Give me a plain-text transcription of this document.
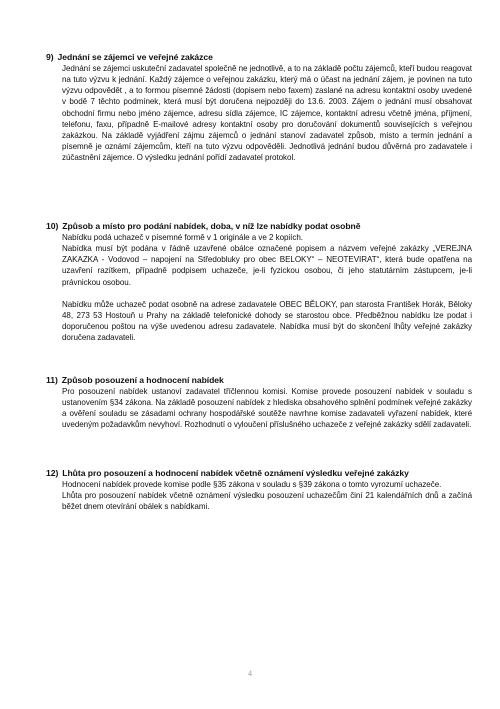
9) Jednání se zájemci ve veřejné zakázce

Jednání se zájemci uskuteční zadavatel společně ne jednotlivě, a to na základě počtu zájemců, kteří budou reagovat na tuto výzvu k jednání. Každý zájemce o veřejnou zakázku, který má o účast na jednání zájem, je povinen na tuto výzvu odpovědět , a to formou písemné žádosti (dopisem nebo faxem) zaslané na adresu kontaktní osoby uvedené v bodě 7 těchto podmínek, která musí být doručena nejpozději do 13.6. 2003. Zájem o jednání musí obsahovat obchodní firmu nebo jméno zájemce, adresu sídla zájemce, IC zájemce, kontaktní adresu včetně jména, příjmení, telefonu, faxu, případně E-mailové adresy kontaktní osoby pro doručování dokumentů souvisejících s veřejnou zakázkou. Na základě vyjádření zájmu zájemců o jednání stanoví zadavatel způsob, místo a termín jednání a písemně je oznámí zájemcům, kteří na tuto výzvu odpověděli. Jednotlivá jednání budou důvěrná pro zadavatele i zúčastnění zájemce. O výsledku jednání pořídí zadavatel protokol.

10) Způsob a místo pro podání nabídek, doba, v níž lze nabídky podat osobně

Nabídku podá uchazeč v písemné formě v 1 originále a ve 2 kopiích.

Nabídka musí být podána v řádně uzavřené obálce označené popisem a názvem veřejné zakázky „VEREJNA ZAKAZKA - Vodovod – napojení na Středobluky pro obec BELOKY“ – NEOTEVIRAT“, která bude opatřena na uzavření razítkem, případně podpisem uchazeče, je-li fyzickou osobou, či jeho statutárním zástupcem, je-li právnickou osobou.

Nabídku může uchazeč podat osobně na adrese zadavatele OBEC BĚLOKY, pan starosta František Horák, Běloky 48, 273 53 Hostouň u Prahy na základě telefonické dohody se starostou obce. Předběžnou nabídku lze podat i doporučenou poštou na výše uvedenou adresu zadavatele. Nabídka musí být do skončení lhůty veřejné zakázky doručena zadavateli.

11) Způsob posouzení a hodnocení nabídek

Pro posouzení nabídek ustanoví zadavatel tříčlennou komisi. Komise provede posouzení nabídek v souladu s ustanovením §34 zákona. Na základě posouzení nabídek z hlediska obsahového splnění podmínek veřejné zakázky a ověření souladu se zásadami ochrany hospodářské soutěže navrhne komise zadavateli vyřazení nabídek, které uvedeným požadavkům nevyhoví. Rozhodnutí o vyloučení příslušného uchazeče z veřejné zakázky sdělí zadavateli.

12) Lhůta pro posouzení a hodnocení nabídek včetně oznámení výsledku veřejné zakázky

Hodnocení nabídek provede komise podle §35 zákona v souladu s §39 zákona o tomto vyrozumí uchazeče.

Lhůta pro posouzení nabídek včetně oznámení výsledku posouzení uchazečům činí 21 kalendářních dnů a začíná běžet dnem otevírání obálek s nabídkami.

4
